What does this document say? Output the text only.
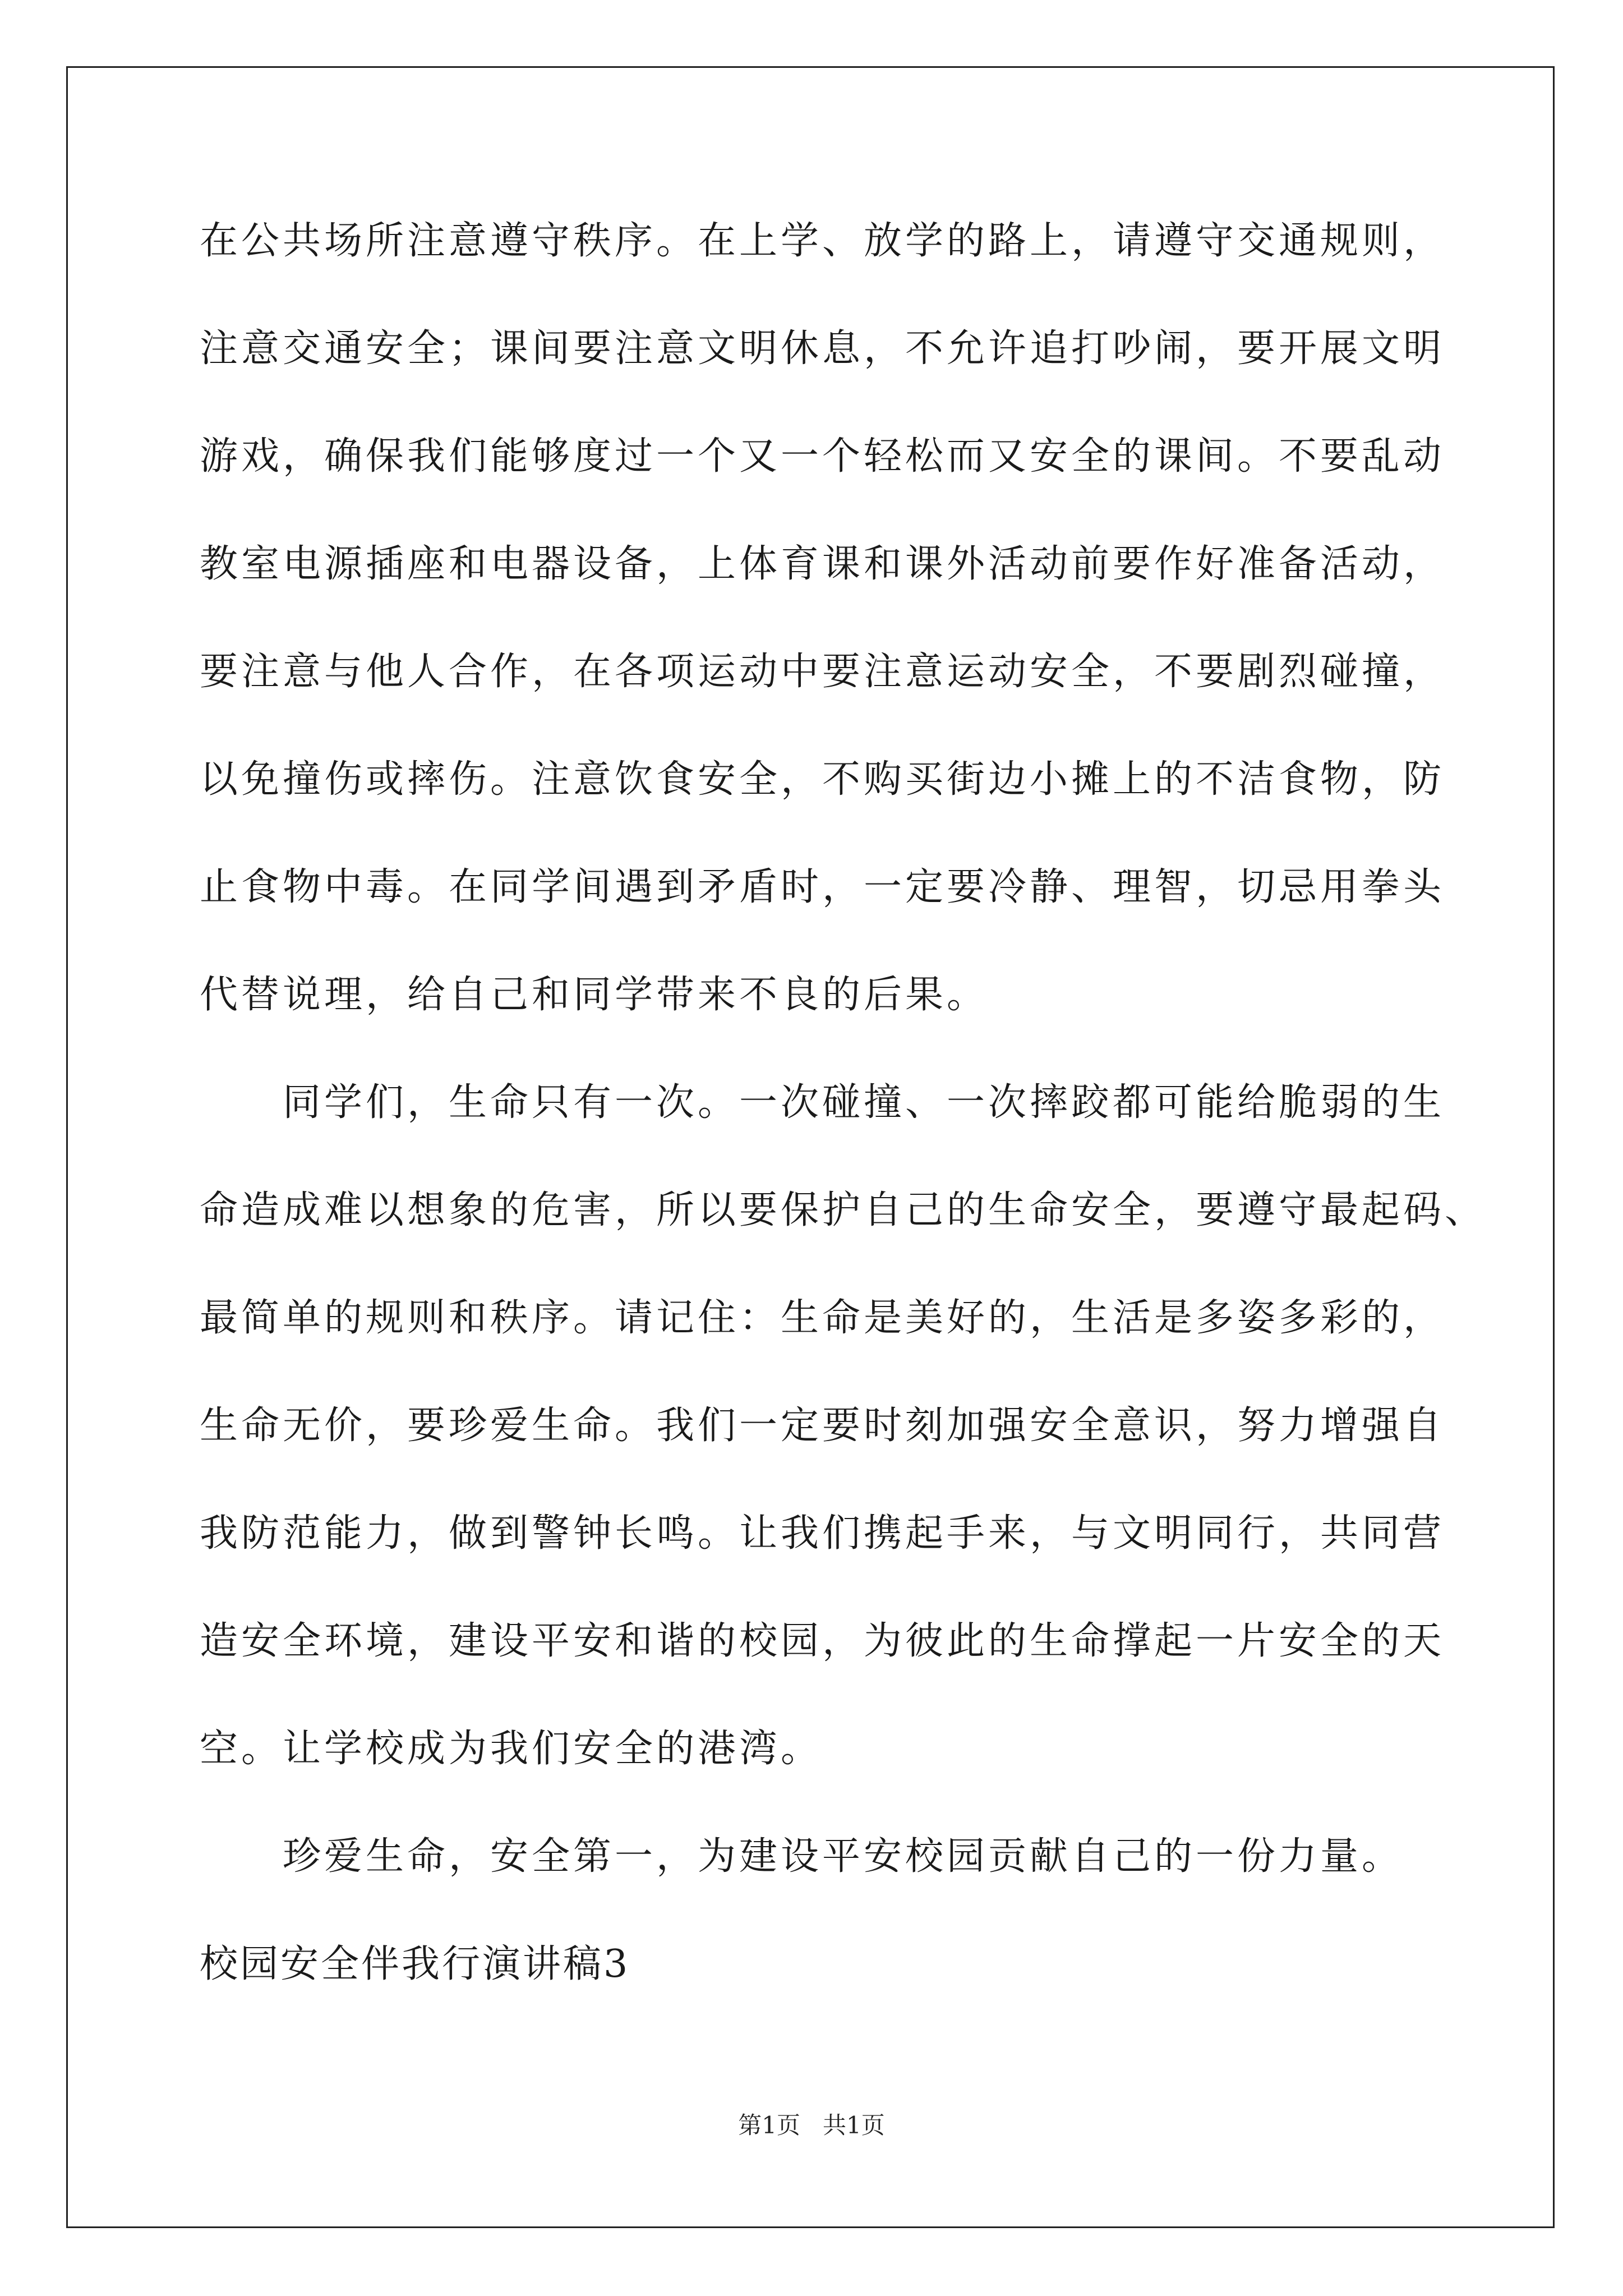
在公共场所注意遵守秩序。在上学、放学的路上，请遵守交通规则，
注意交通安全；课间要注意文明休息，不允许追打吵闹，要开展文明
游戏，确保我们能够度过一个又一个轻松而又安全的课间。不要乱动
教室电源插座和电器设备，上体育课和课外活动前要作好准备活动，
要注意与他人合作，在各项运动中要注意运动安全，不要剧烈碰撞，
以免撞伤或摔伤。注意饮食安全，不购买街边小摊上的不洁食物，防
止食物中毒。在同学间遇到矛盾时，一定要冷静、理智，切忌用拳头
代替说理，给自己和同学带来不良的后果。
同学们，生命只有一次。一次碰撞、一次摔跤都可能给脆弱的生
命造成难以想象的危害，所以要保护自己的生命安全，要遵守最起码、
最简单的规则和秩序。请记住：生命是美好的，生活是多姿多彩的，
生命无价，要珍爱生命。我们一定要时刻加强安全意识，努力增强自
我防范能力，做到警钟长鸣。让我们携起手来，与文明同行，共同营
造安全环境，建设平安和谐的校园，为彼此的生命撑起一片安全的天
空。让学校成为我们安全的港湾。
珍爱生命，安全第一，为建设平安校园贡献自己的一份力量。
校园安全伴我行演讲稿3
第1页   共1页
